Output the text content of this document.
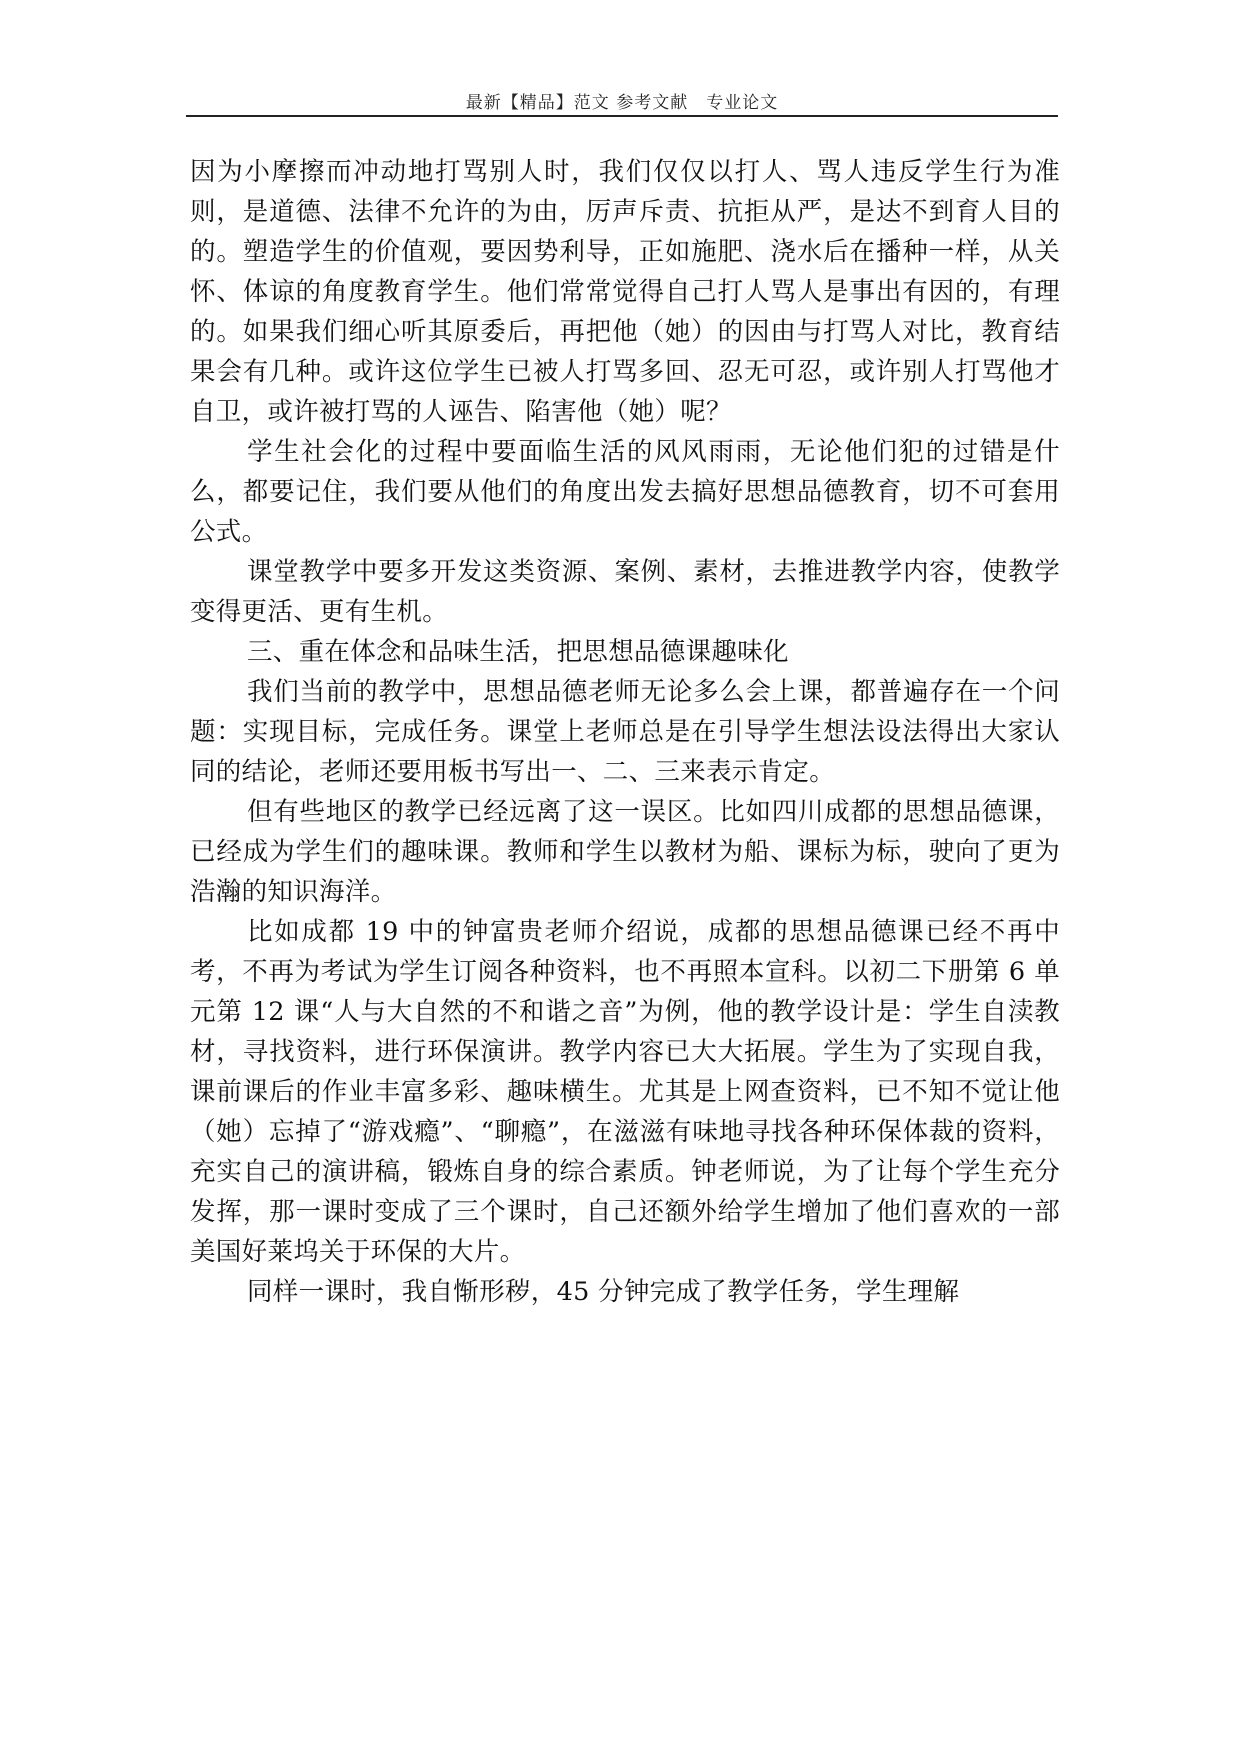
最新【精品】范文 参考文献　专业论文

因为小摩擦而冲动地打骂别人时，我们仅仅以打人、骂人违反学生行为准则，是道德、法律不允许的为由，厉声斥责、抗拒从严，是达不到育人目的的。塑造学生的价值观，要因势利导，正如施肥、浇水后在播种一样，从关怀、体谅的角度教育学生。他们常常觉得自己打人骂人是事出有因的，有理的。如果我们细心听其原委后，再把他（她）的因由与打骂人对比，教育结果会有几种。或许这位学生已被人打骂多回、忍无可忍，或许别人打骂他才自卫，或许被打骂的人诬告、陷害他（她）呢？

学生社会化的过程中要面临生活的风风雨雨，无论他们犯的过错是什么，都要记住，我们要从他们的角度出发去搞好思想品德教育，切不可套用公式。

课堂教学中要多开发这类资源、案例、素材，去推进教学内容，使教学变得更活、更有生机。

三、重在体念和品味生活，把思想品德课趣味化

我们当前的教学中，思想品德老师无论多么会上课，都普遍存在一个问题：实现目标，完成任务。课堂上老师总是在引导学生想法设法得出大家认同的结论，老师还要用板书写出一、二、三来表示肯定。

但有些地区的教学已经远离了这一误区。比如四川成都的思想品德课，已经成为学生们的趣味课。教师和学生以教材为船、课标为标，驶向了更为浩瀚的知识海洋。

比如成都 19 中的钟富贵老师介绍说，成都的思想品德课已经不再中考，不再为考试为学生订阅各种资料，也不再照本宣科。以初二下册第 6 单元第 12 课“人与大自然的不和谐之音”为例，他的教学设计是：学生自渎教材，寻找资料，进行环保演讲。教学内容已大大拓展。学生为了实现自我，课前课后的作业丰富多彩、趣味横生。尤其是上网查资料，已不知不觉让他（她）忘掉了“游戏瘾”、“聊瘾”，在滋滋有味地寻找各种环保体裁的资料，充实自己的演讲稿，锻炼自身的综合素质。钟老师说，为了让每个学生充分发挥，那一课时变成了三个课时，自己还额外给学生增加了他们喜欢的一部美国好莱坞关于环保的大片。

同样一课时，我自惭形秽，45 分钟完成了教学任务，学生理解
